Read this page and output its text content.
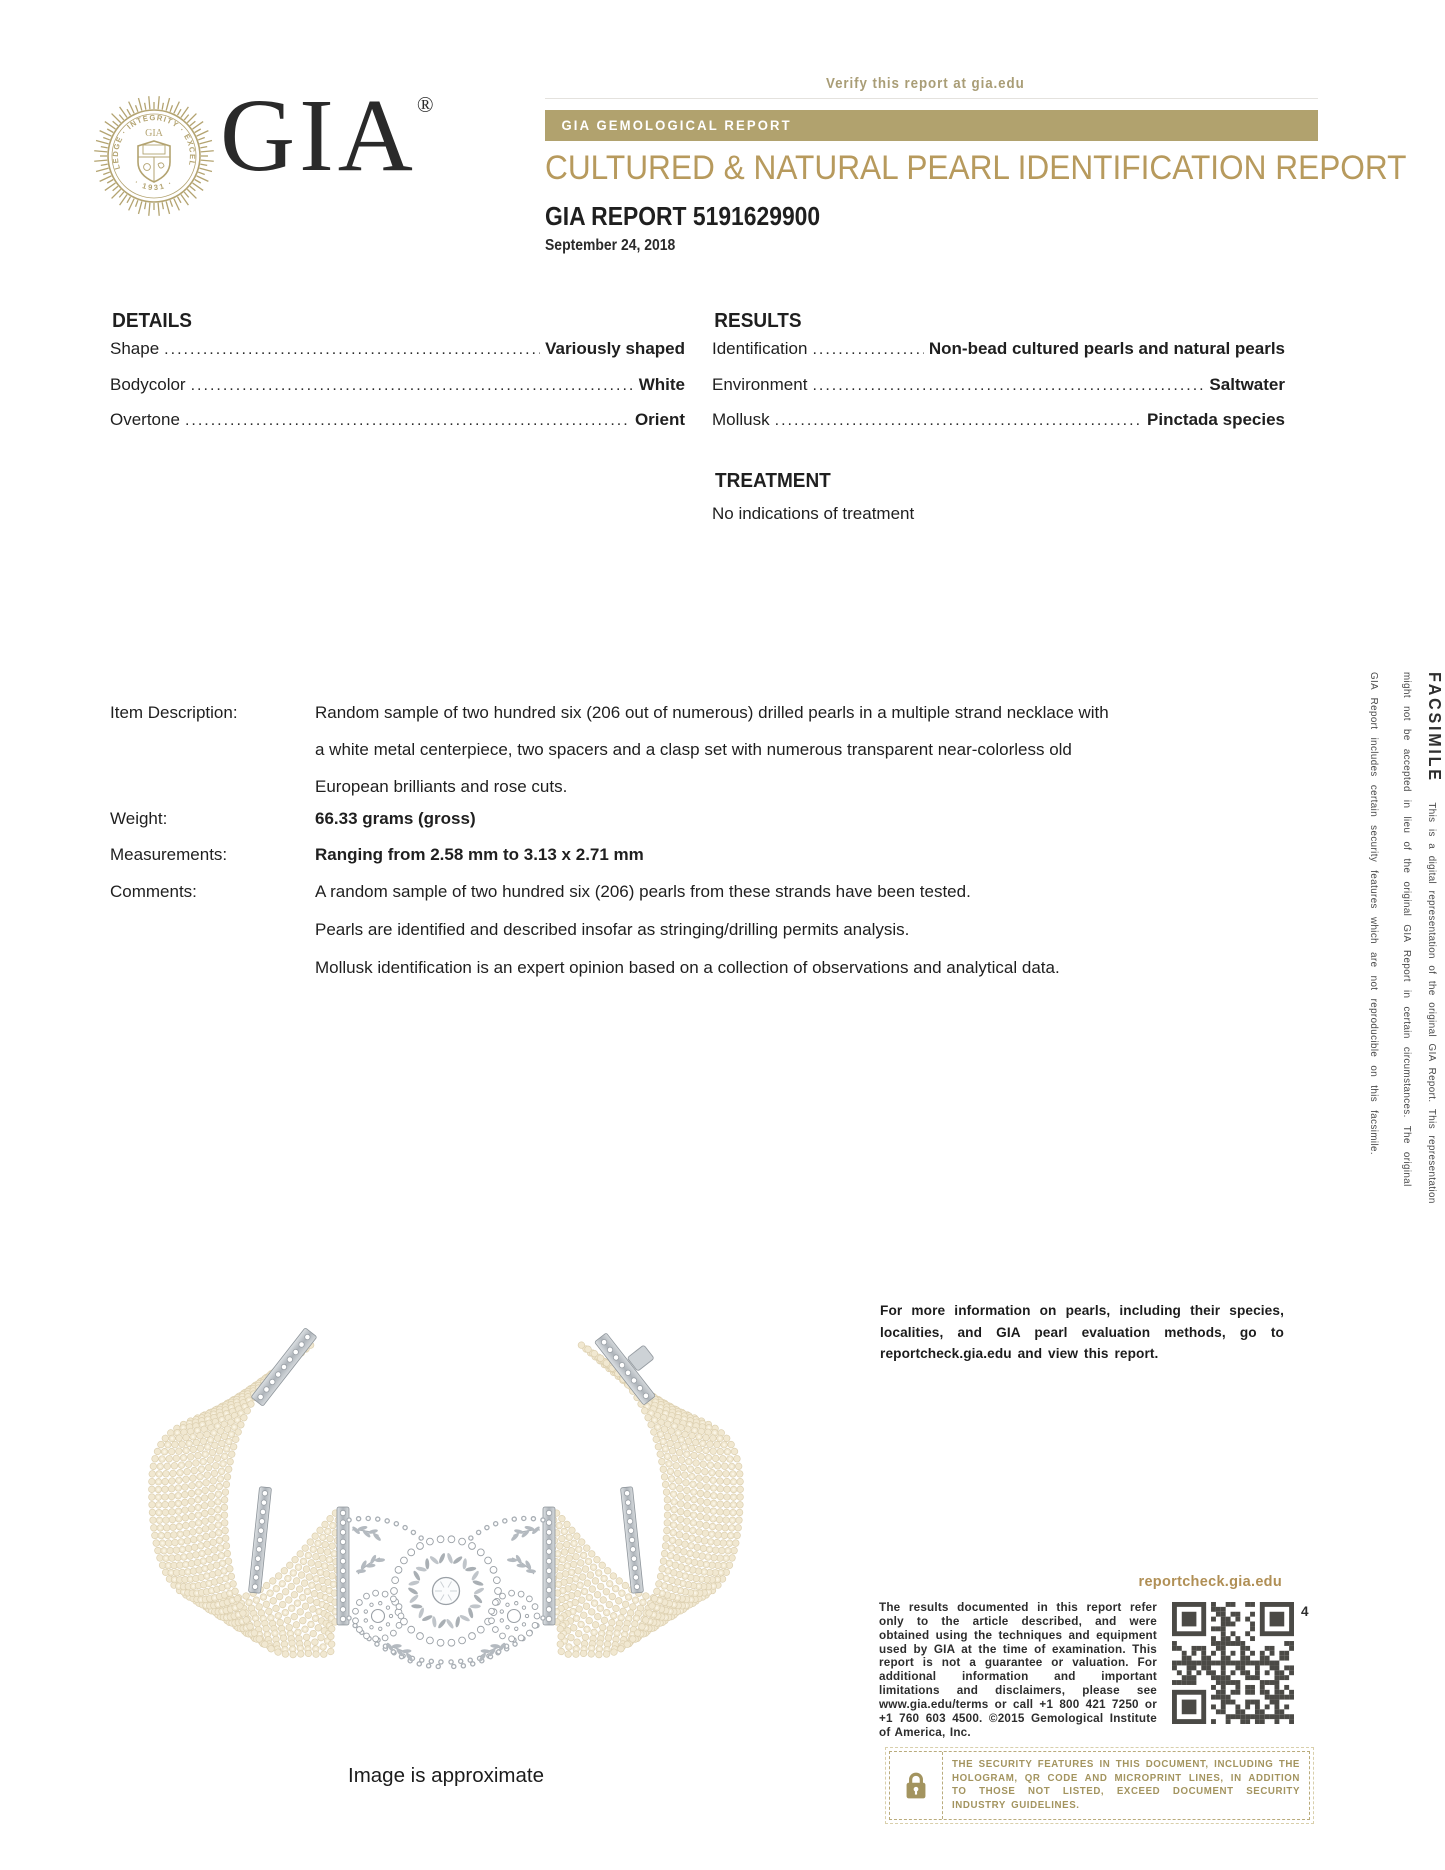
Verify this report at gia.edu
KNOWLEDGE · INTEGRITY · EXCELLENCE
· 1931 ·
GIA GIA®
GIA GEMOLOGICAL REPORT
CULTURED & NATURAL PEARL IDENTIFICATION REPORT
GIA REPORT 5191629900
September 24, 2018
DETAILS
Shape .....	Variously shaped
Bodycolor .....	White
Overtone .....	Orient
RESULTS
Identification .....	Non-bead cultured pearls and natural pearls
Environment .....	Saltwater
Mollusk .....	Pinctada species
TREATMENT
No indications of treatment
Item Description:	Random sample of two hundred six (206 out of numerous) drilled pearls in a multiple strand necklace with
a white metal centerpiece, two spacers and a clasp set with numerous transparent near-colorless old
European brilliants and rose cuts.
Weight:	66.33 grams (gross)
Measurements:	Ranging from 2.58 mm to 3.13 x 2.71 mm
Comments:	A random sample of two hundred six (206) pearls from these strands have been tested.
Pearls are identified and described insofar as stringing/drilling permits analysis.
Mollusk identification is an expert opinion based on a collection of observations and analytical data.
FACSIMILEThis is a digital representation of the original GIA Report. This representation
might not be accepted in lieu of the original GIA Report in certain circumstances. The original
GIA Report includes certain security features which are not reproducible on this facsimile.
Image is approximate
For more information on pearls, including their species, localities, and GIA pearl evaluation methods, go to reportcheck.gia.edu and view this report.
reportcheck.gia.edu
The results documented in this report refer only to the article described, and were obtained using the techniques and equipment used by GIA at the time of examination. This report is not a guarantee or valuation. For additional information and important limitations and disclaimers, please see www.gia.edu/terms or call +1 800 421 7250 or +1 760 603 4500. ©2015 Gemological Institute of America, Inc.
4
THE SECURITY FEATURES IN THIS DOCUMENT, INCLUDING THE HOLOGRAM, QR CODE AND MICROPRINT LINES, IN ADDITION TO THOSE NOT LISTED, EXCEED DOCUMENT SECURITY INDUSTRY GUIDELINES.
